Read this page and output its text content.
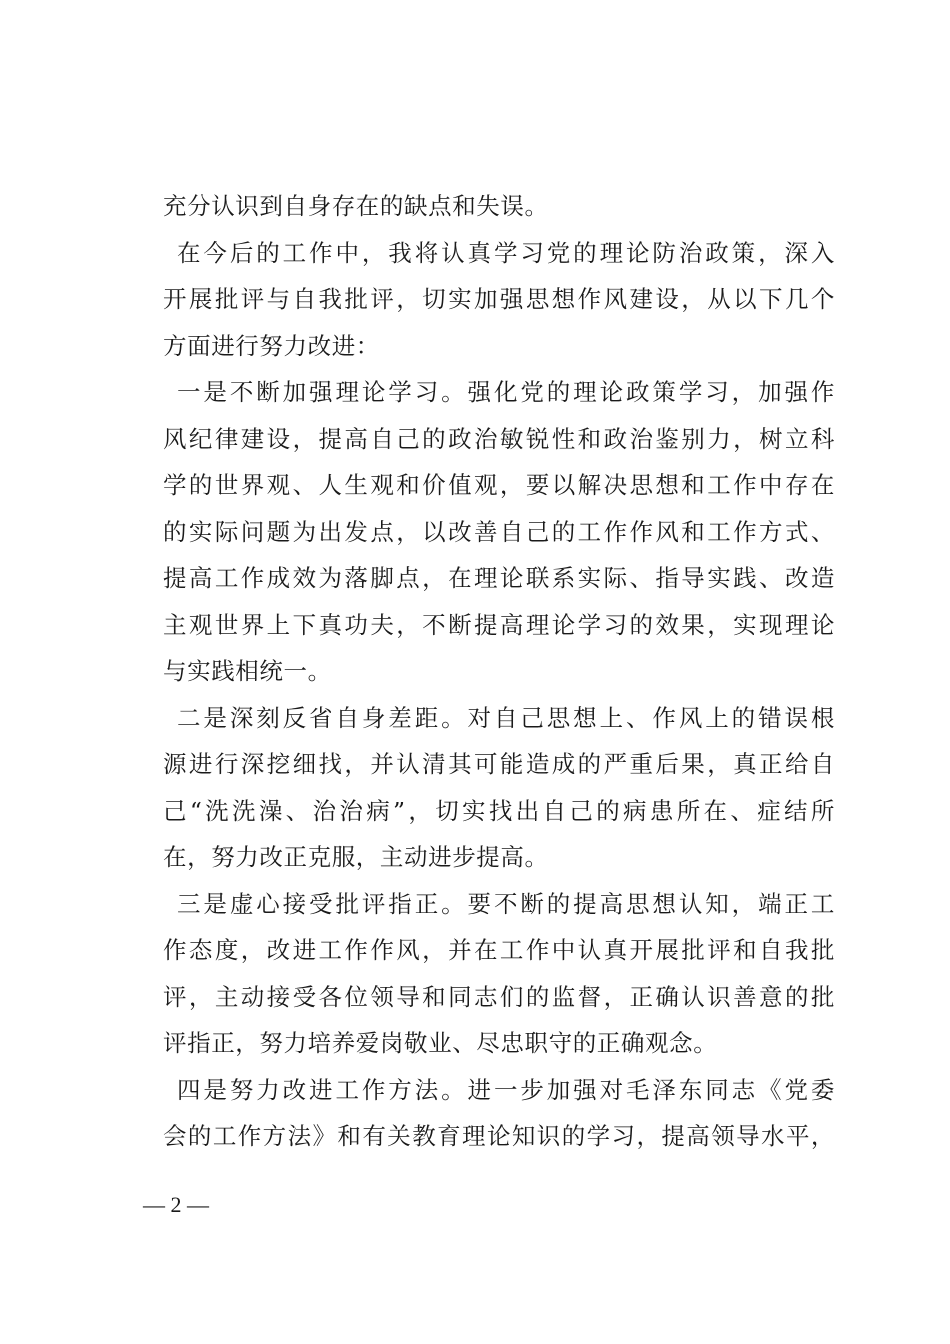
充分认识到自身存在的缺点和失误。
在今后的工作中，我将认真学习党的理论防治政策，深入
开展批评与自我批评，切实加强思想作风建设，从以下几个
方面进行努力改进：
一是不断加强理论学习。强化党的理论政策学习，加强作
风纪律建设，提高自己的政治敏锐性和政治鉴别力，树立科
学的世界观、人生观和价值观，要以解决思想和工作中存在
的实际问题为出发点，以改善自己的工作作风和工作方式、
提高工作成效为落脚点，在理论联系实际、指导实践、改造
主观世界上下真功夫，不断提高理论学习的效果，实现理论
与实践相统一。
二是深刻反省自身差距。对自己思想上、作风上的错误根
源进行深挖细找，并认清其可能造成的严重后果，真正给自
己“洗洗澡、治治病”，切实找出自己的病患所在、症结所
在，努力改正克服，主动进步提高。
三是虚心接受批评指正。要不断的提高思想认知，端正工
作态度，改进工作作风，并在工作中认真开展批评和自我批
评，主动接受各位领导和同志们的监督，正确认识善意的批
评指正，努力培养爱岗敬业、尽忠职守的正确观念。
四是努力改进工作方法。进一步加强对毛泽东同志《党委
会的工作方法》和有关教育理论知识的学习，提高领导水平，
— 2 —
